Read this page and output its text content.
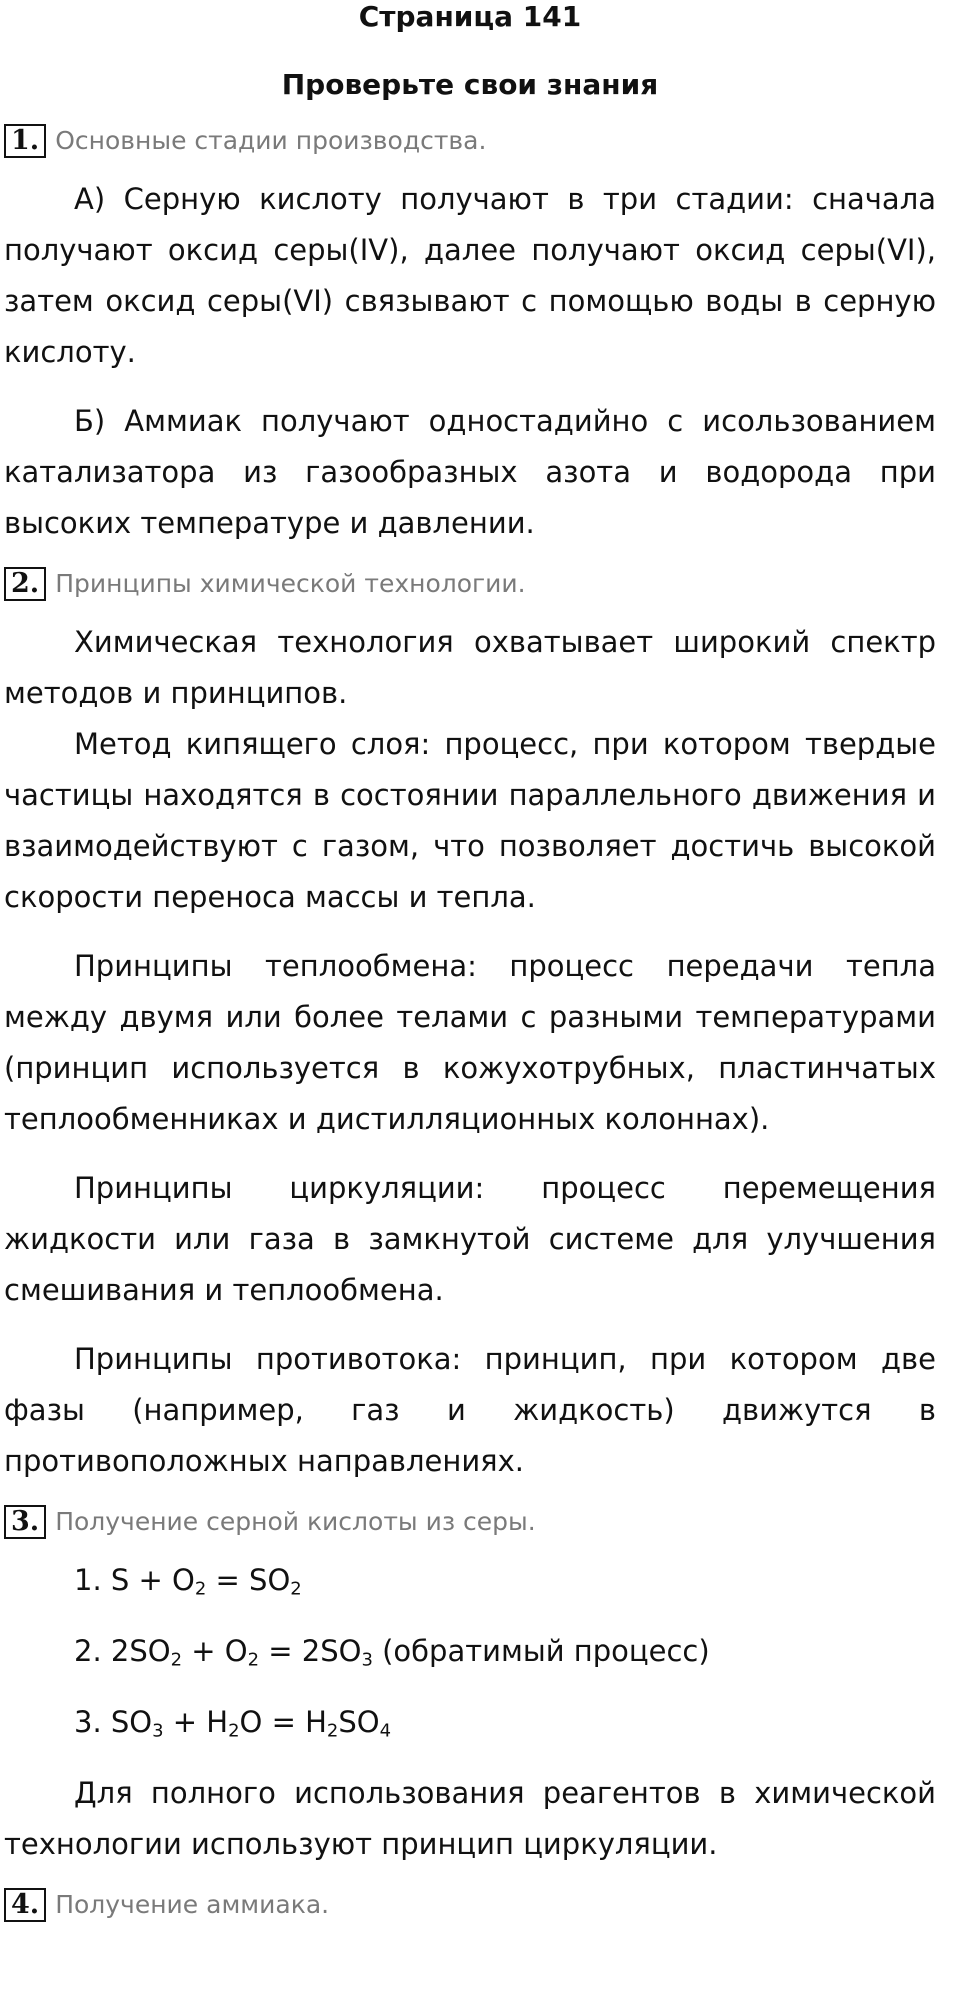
Страница 141
Проверьте свои знания
1. Основные стадии производства.

А) Серную кислоту получают в три стадии: сначала получают оксид серы(IV), далее получают оксид серы(VI), затем оксид серы(VI) связывают с помощью воды в серную кислоту.

Б) Аммиак получают одностадийно с исользованием катализатора из газообразных азота и водорода при высоких температуре и давлении.

2. Принципы химической технологии.

Химическая технология охватывает широкий спектр методов и принципов.

Метод кипящего слоя: процесс, при котором твердые частицы находятся в состоянии параллельного движения и взаимодействуют с газом, что позволяет достичь высокой скорости переноса массы и тепла.

Принципы теплообмена: процесс передачи тепла между двумя или более телами с разными температурами (принцип используется в кожухотрубных, пластинчатых теплообменниках и дистилляционных колоннах).

Принципы циркуляции: процесс перемещения жидкости или газа в замкнутой системе для улучшения смешивания и теплообмена.

Принципы противотока: принцип, при котором две фазы (например, газ и жидкость) движутся в противоположных направлениях.

3. Получение серной кислоты из серы.
1. $S + O_2 = SO_2$
2. $2SO_2 + O_2 = 2SO_3$ (обратимый процесс)
3. $SO_3 + H_2O = H_2SO_4$

Для полного использования реагентов в химической технологии используют принцип циркуляции.

4. Получение аммиака.
